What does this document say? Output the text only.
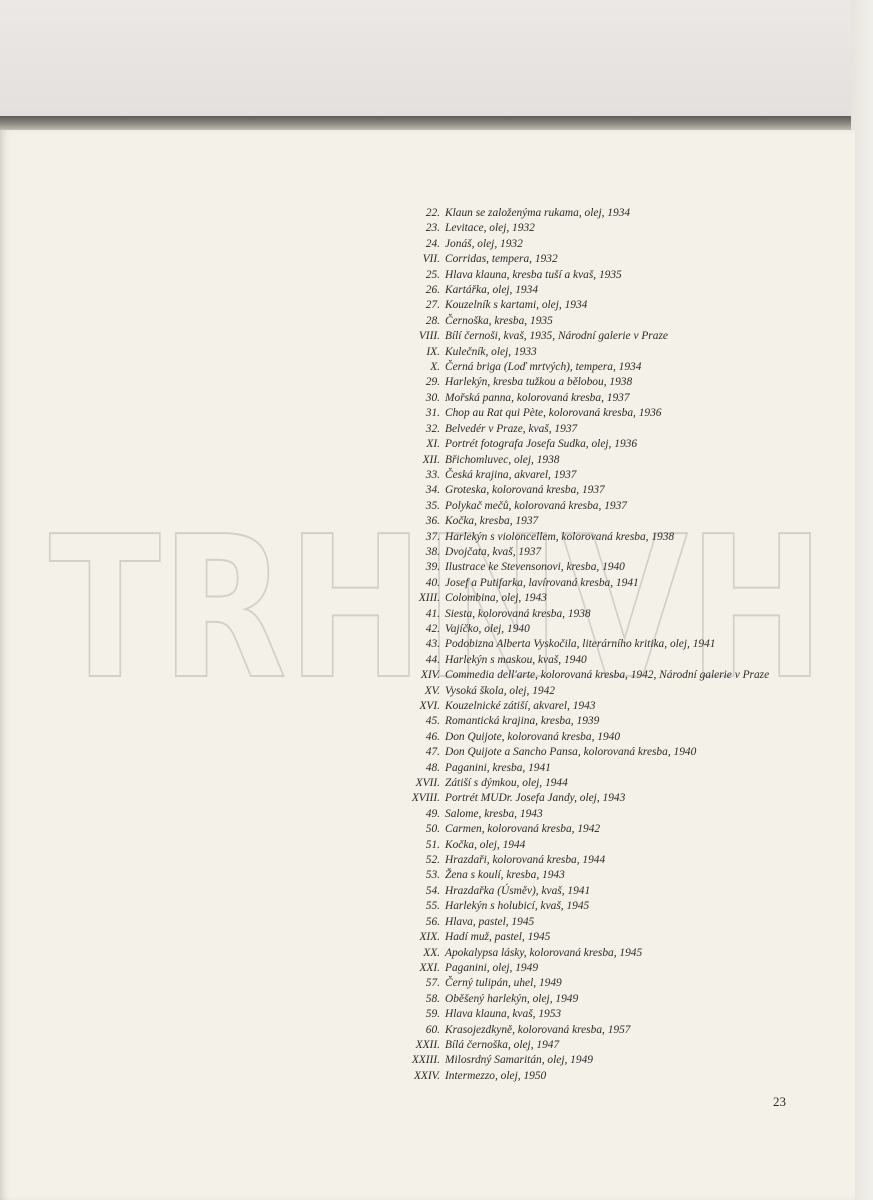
TRHNVH
22. Klaun se založenýma rukama, olej, 1934
23. Levitace, olej, 1932
24. Jonáš, olej, 1932
VII. Corridas, tempera, 1932
25. Hlava klauna, kresba tuší a kvaš, 1935
26. Kartářka, olej, 1934
27. Kouzelník s kartami, olej, 1934
28. Černoška, kresba, 1935
VIII. Bílí černoši, kvaš, 1935, Národní galerie v Praze
IX. Kulečník, olej, 1933
X. Černá briga (Loď mrtvých), tempera, 1934
29. Harlekýn, kresba tužkou a bělobou, 1938
30. Mořská panna, kolorovaná kresba, 1937
31. Chop au Rat qui Pète, kolorovaná kresba, 1936
32. Belvedér v Praze, kvaš, 1937
XI. Portrét fotografa Josefa Sudka, olej, 1936
XII. Břichomluvec, olej, 1938
33. Česká krajina, akvarel, 1937
34. Groteska, kolorovaná kresba, 1937
35. Polykač mečů, kolorovaná kresba, 1937
36. Kočka, kresba, 1937
37. Harlekýn s violoncellem, kolorovaná kresba, 1938
38. Dvojčata, kvaš, 1937
39. Ilustrace ke Stevensonovi, kresba, 1940
40. Josef a Putifarka, lavírovaná kresba, 1941
XIII. Colombina, olej, 1943
41. Siesta, kolorovaná kresba, 1938
42. Vajíčko, olej, 1940
43. Podobizna Alberta Vyskočila, literárního kritika, olej, 1941
44. Harlekýn s maskou, kvaš, 1940
XIV. Commedia dell'arte, kolorovaná kresba, 1942, Národní galerie v Praze
XV. Vysoká škola, olej, 1942
XVI. Kouzelnické zátiší, akvarel, 1943
45. Romantická krajina, kresba, 1939
46. Don Quijote, kolorovaná kresba, 1940
47. Don Quijote a Sancho Pansa, kolorovaná kresba, 1940
48. Paganini, kresba, 1941
XVII. Zátiší s dýmkou, olej, 1944
XVIII. Portrét MUDr. Josefa Jandy, olej, 1943
49. Salome, kresba, 1943
50. Carmen, kolorovaná kresba, 1942
51. Kočka, olej, 1944
52. Hrazdaři, kolorovaná kresba, 1944
53. Žena s koulí, kresba, 1943
54. Hrazdařka (Úsměv), kvaš, 1941
55. Harlekýn s holubicí, kvaš, 1945
56. Hlava, pastel, 1945
XIX. Hadí muž, pastel, 1945
XX. Apokalypsa lásky, kolorovaná kresba, 1945
XXI. Paganini, olej, 1949
57. Černý tulipán, uhel, 1949
58. Oběšený harlekýn, olej, 1949
59. Hlava klauna, kvaš, 1953
60. Krasojezdkyně, kolorovaná kresba, 1957
XXII. Bílá černoška, olej, 1947
XXIII. Milosrdný Samaritán, olej, 1949
XXIV. Intermezzo, olej, 1950
23
